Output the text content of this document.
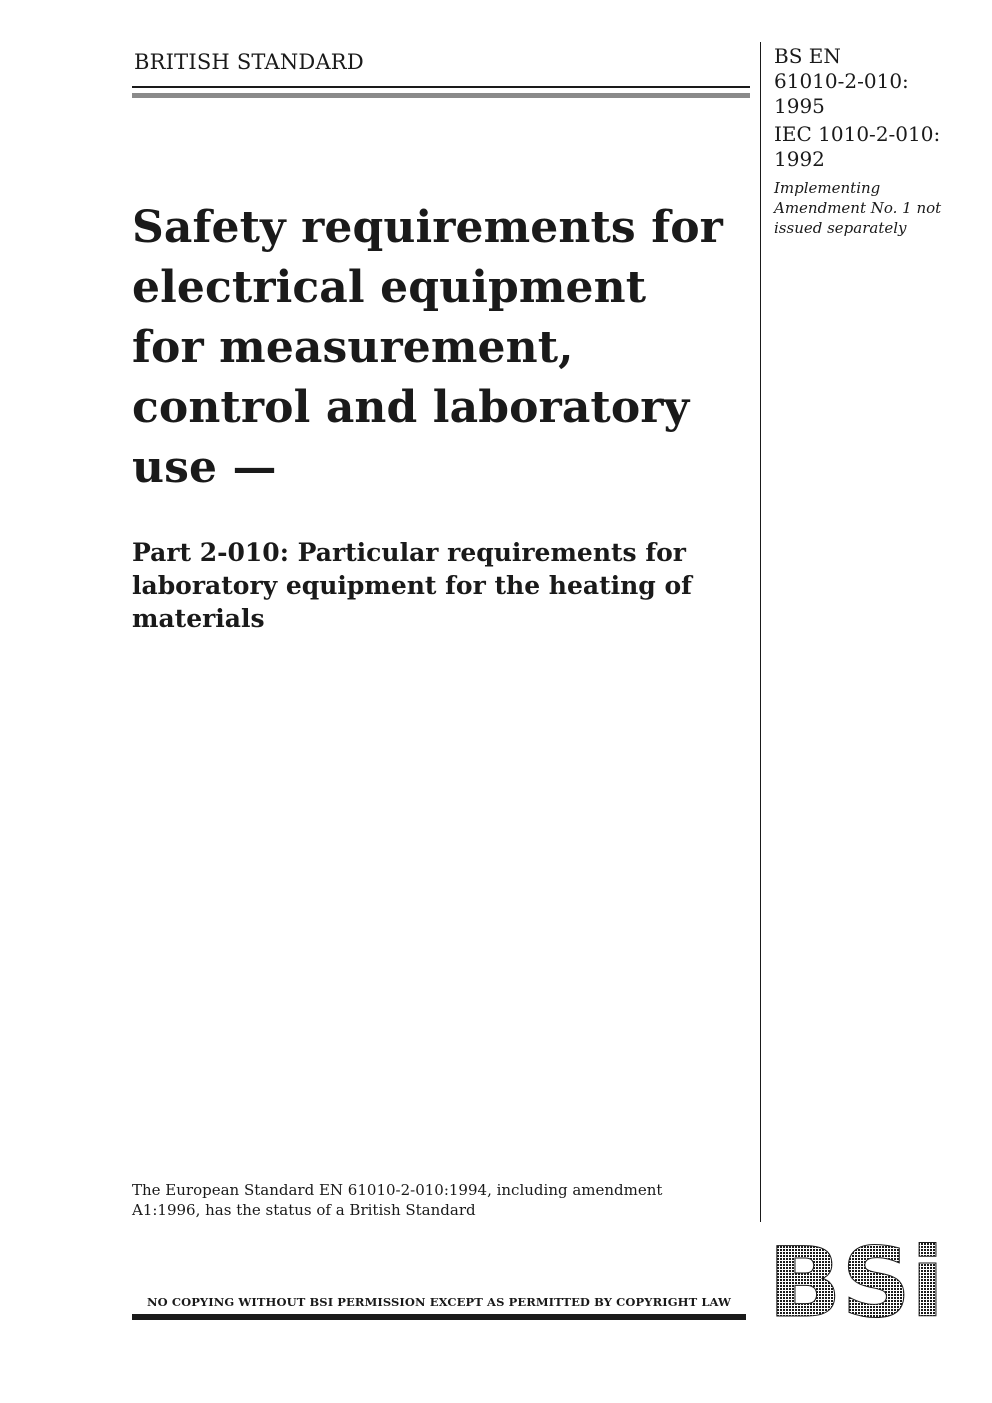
BRITISH STANDARD	BS EN
61010-2-010:
1995
IEC 1010-2-010:
1992
Implementing
Amendment No. 1 not
issued separately
Safety requirements for
electrical equipment
for measurement,
control and laboratory
use —
Part 2-010: Particular requirements for
laboratory equipment for the heating of
materials
The European Standard EN 61010-2-010:1994, including amendment
A1:1996, has the status of a British Standard
NO COPYING WITHOUT BSI PERMISSION EXCEPT AS PERMITTED BY COPYRIGHT LAW BSi
